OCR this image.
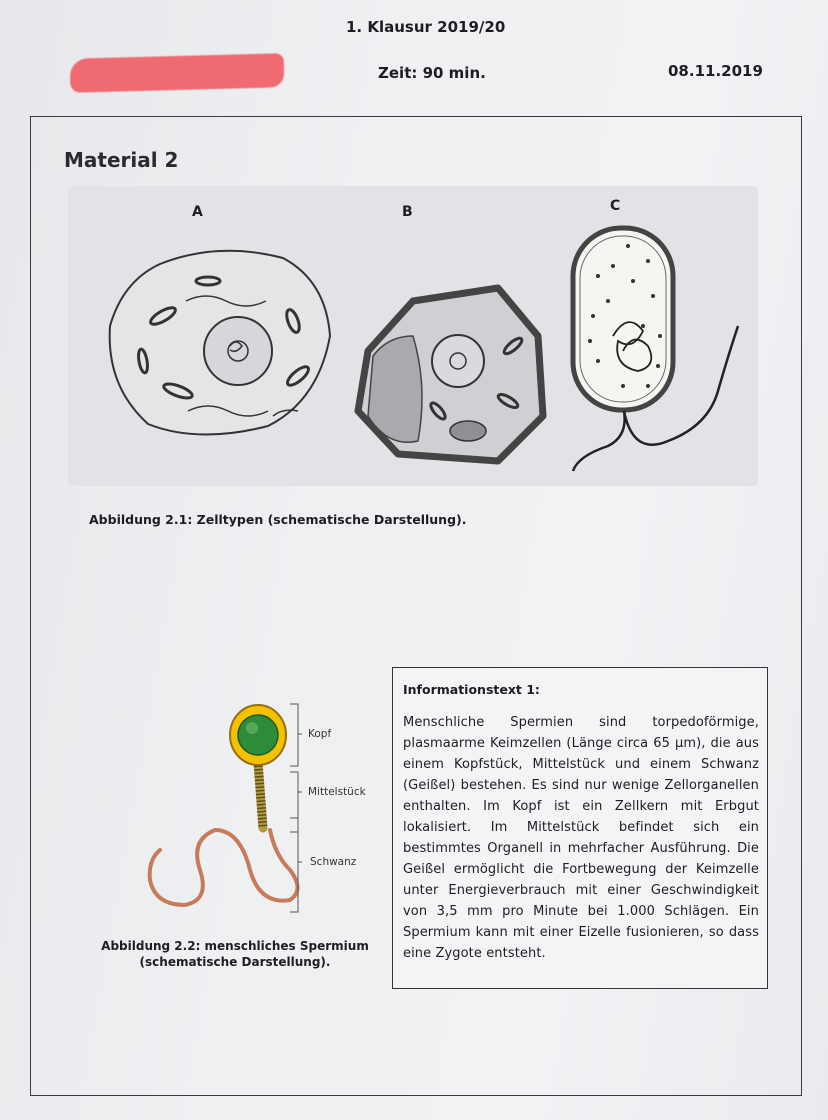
1. Klausur 2019/20
Zeit: 90 min.	08.11.2019
Material 2
A	B	C
Abbildung 2.1: Zelltypen (schematische Darstellung).
Kopf
Mittelstück
Schwanz
Abbildung 2.2: menschliches Spermium
(schematische Darstellung).
Informationstext 1:
Menschliche Spermien sind torpedoförmige, plasmaarme Keimzellen (Länge circa 65 µm), die aus einem Kopfstück, Mittelstück und einem Schwanz (Geißel) bestehen. Es sind nur wenige Zellorganellen enthalten. Im Kopf ist ein Zellkern mit Erbgut lokalisiert. Im Mittelstück befindet sich ein bestimmtes Organell in mehrfacher Ausführung. Die Geißel ermöglicht die Fortbewegung der Keimzelle unter Energieverbrauch mit einer Geschwindigkeit von 3,5 mm pro Minute bei 1.000 Schlägen. Ein Spermium kann mit einer Eizelle fusionieren, so dass eine Zygote entsteht.
